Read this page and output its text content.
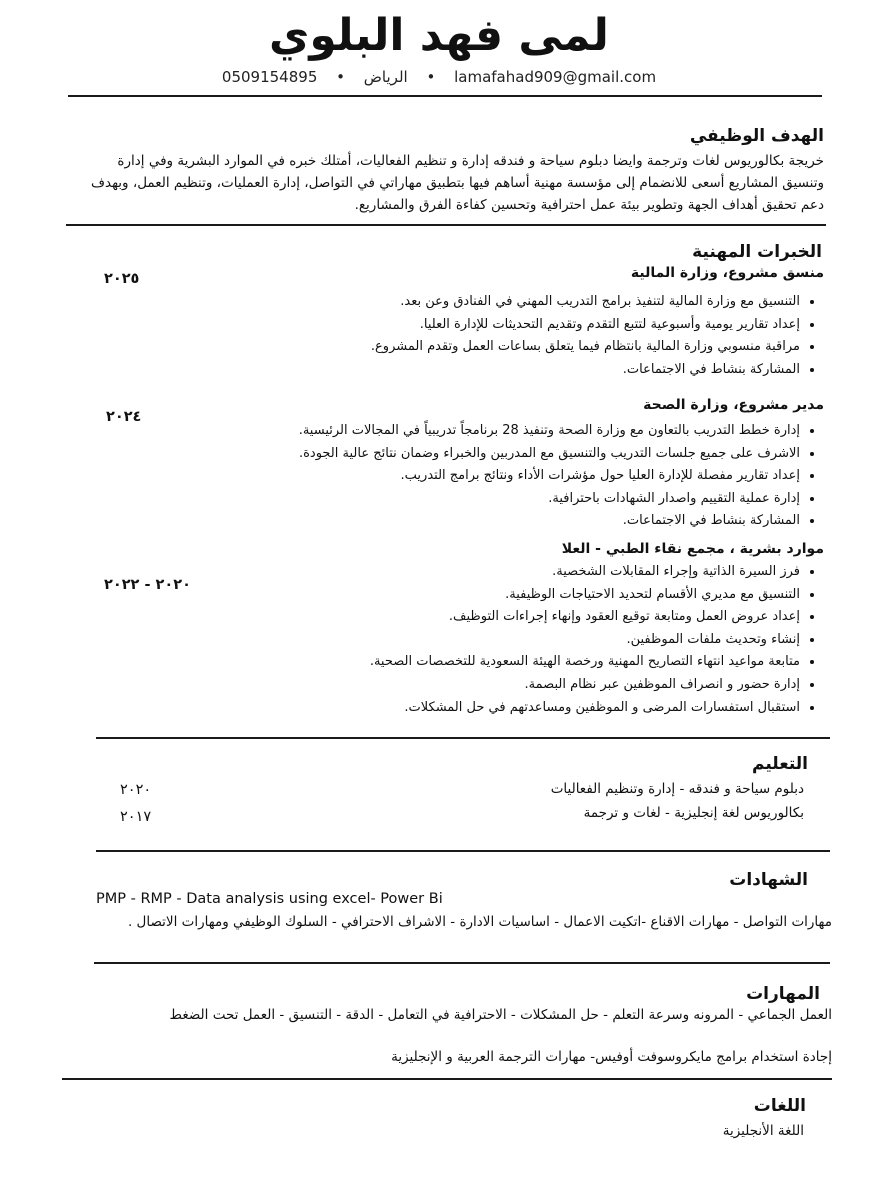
لمى فهد البلوي
0509154895 • الرياض • lamafahad909@gmail.com
الهدف الوظيفي
خريجة بكالوريوس لغات وترجمة وايضا دبلوم سياحة و فندقه إدارة و تنظيم الفعاليات، أمتلك خبره في الموارد البشرية وفي إدارة وتنسيق المشاريع أسعى للانضمام إلى مؤسسة مهنية أساهم فيها بتطبيق مهاراتي في التواصل، إدارة العمليات، وتنظيم العمل، وبهدف دعم تحقيق أهداف الجهة وتطوير بيئة عمل احترافية وتحسين كفاءة الفرق والمشاريع.
الخبرات المهنية
منسق مشروع، وزارة المالية
٢٠٢٥
• التنسيق مع وزارة المالية لتنفيذ برامج التدريب المهني في الفنادق وعن بعد.
• إعداد تقارير يومية وأسبوعية لتتبع التقدم وتقديم التحديثات للإدارة العليا.
• مراقبة منسوبي وزارة المالية بانتظام فيما يتعلق بساعات العمل وتقدم المشروع.
• المشاركة بنشاط في الاجتماعات.
مدير مشروع، وزارة الصحة
٢٠٢٤
• إدارة خطط التدريب بالتعاون مع وزارة الصحة وتنفيذ 28 برنامجاً تدريبياً في المجالات الرئيسية.
• الاشرف على جميع جلسات التدريب والتنسيق مع المدربين والخبراء وضمان نتائج عالية الجودة.
• إعداد تقارير مفصلة للإدارة العليا حول مؤشرات الأداء ونتائج برامج التدريب.
• إدارة عملية التقييم واصدار الشهادات باحترافية.
• المشاركة بنشاط في الاجتماعات.
موارد بشرية ، مجمع نقاء الطبي - العلا
٢٠٢٠ - ٢٠٢٢
• فرز السيرة الذاتية وإجراء المقابلات الشخصية.
• التنسيق مع مديري الأقسام لتحديد الاحتياجات الوظيفية.
• إعداد عروض العمل ومتابعة توقيع العقود وإنهاء إجراءات التوظيف.
• إنشاء وتحديث ملفات الموظفين.
• متابعة مواعيد انتهاء التصاريح المهنية ورخصة الهيئة السعودية للتخصصات الصحية.
• إدارة حضور و انصراف الموظفين عبر نظام البصمة.
• استقبال استفسارات المرضى و الموظفين ومساعدتهم في حل المشكلات.
التعليم
دبلوم سياحة و فندقه - إدارة وتنظيم الفعاليات
٢٠٢٠
بكالوريوس لغة إنجليزية - لغات و ترجمة
٢٠١٧
الشهادات
PMP - RMP - Data analysis using excel- Power Bi
مهارات التواصل - مهارات الاقناع -اتكيت الاعمال - اساسيات الادارة - الاشراف الاحترافي - السلوك الوظيفي ومهارات الاتصال .
المهارات
العمل الجماعي - المرونه وسرعة التعلم - حل المشكلات - الاحترافية في التعامل - الدقة - التنسيق - العمل تحت الضغط
إجادة استخدام برامج مايكروسوفت أوفيس- مهارات الترجمة العربية و الإنجليزية
اللغات
اللغة الأنجليزية
